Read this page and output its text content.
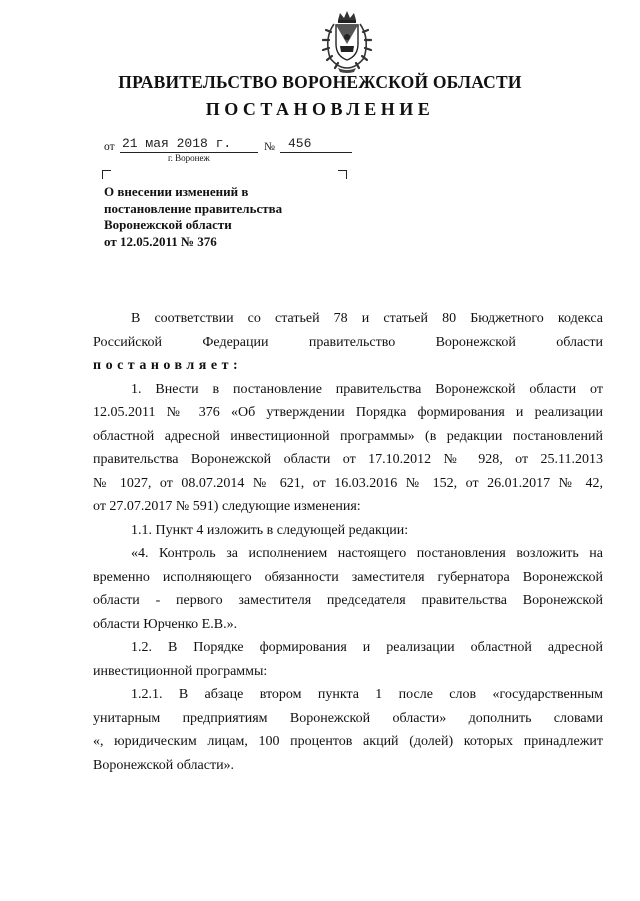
ПРАВИТЕЛЬСТВО ВОРОНЕЖСКОЙ ОБЛАСТИ
ПОСТАНОВЛЕНИЕ
от 21 мая 2018 г.	№ 456
г. Воронеж
О внесении изменений в
постановление правительства
Воронежской области
от 12.05.2011 № 376
В соответствии со статьей 78 и статьей 80 Бюджетного кодекса
Российской Федерации правительство Воронежской области
постановляет:
1. Внести в постановление правительства Воронежской области от
12.05.2011 № 376 «Об утверждении Порядка формирования и реализации
областной адресной инвестиционной программы» (в редакции постановлений
правительства Воронежской области от 17.10.2012 № 928, от 25.11.2013
№ 1027, от 08.07.2014 № 621, от 16.03.2016 № 152, от 26.01.2017 № 42,
от 27.07.2017 № 591) следующие изменения:
1.1. Пункт 4 изложить в следующей редакции:
«4. Контроль за исполнением настоящего постановления возложить на
временно исполняющего обязанности заместителя губернатора Воронежской
области - первого заместителя председателя правительства Воронежской
области Юрченко Е.В.».
1.2. В Порядке формирования и реализации областной адресной
инвестиционной программы:
1.2.1. В абзаце втором пункта 1 после слов «государственным
унитарным предприятиям Воронежской области» дополнить словами
«, юридическим лицам, 100 процентов акций (долей) которых принадлежит
Воронежской области».
